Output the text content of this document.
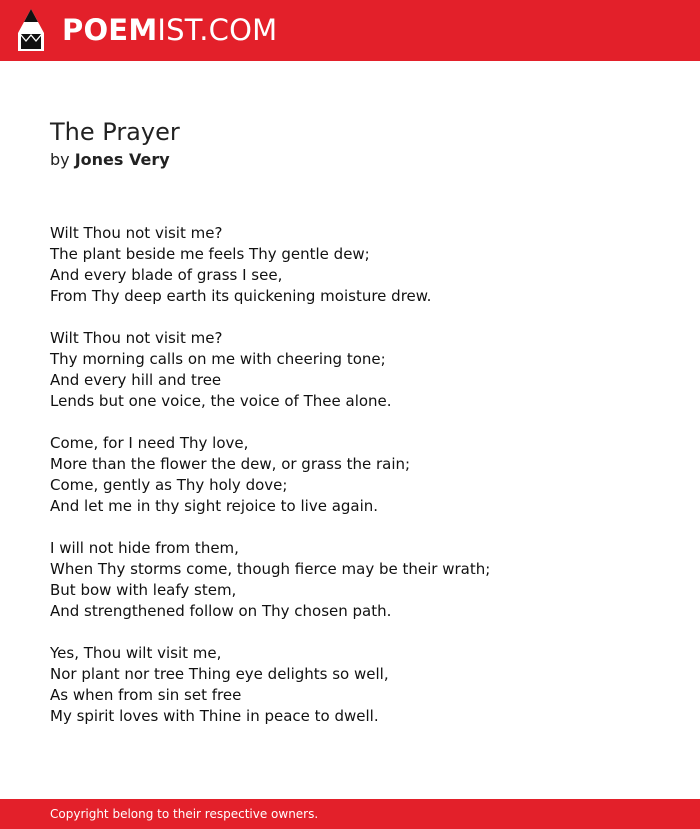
POEMIST.COM
The Prayer
by Jones Very
Wilt Thou not visit me?
The plant beside me feels Thy gentle dew;
And every blade of grass I see,
From Thy deep earth its quickening moisture drew.
Wilt Thou not visit me?
Thy morning calls on me with cheering tone;
And every hill and tree
Lends but one voice, the voice of Thee alone.
Come, for I need Thy love,
More than the flower the dew, or grass the rain;
Come, gently as Thy holy dove;
And let me in thy sight rejoice to live again.
I will not hide from them,
When Thy storms come, though fierce may be their wrath;
But bow with leafy stem,
And strengthened follow on Thy chosen path.
Yes, Thou wilt visit me,
Nor plant nor tree Thing eye delights so well,
As when from sin set free
My spirit loves with Thine in peace to dwell.
Copyright belong to their respective owners.
